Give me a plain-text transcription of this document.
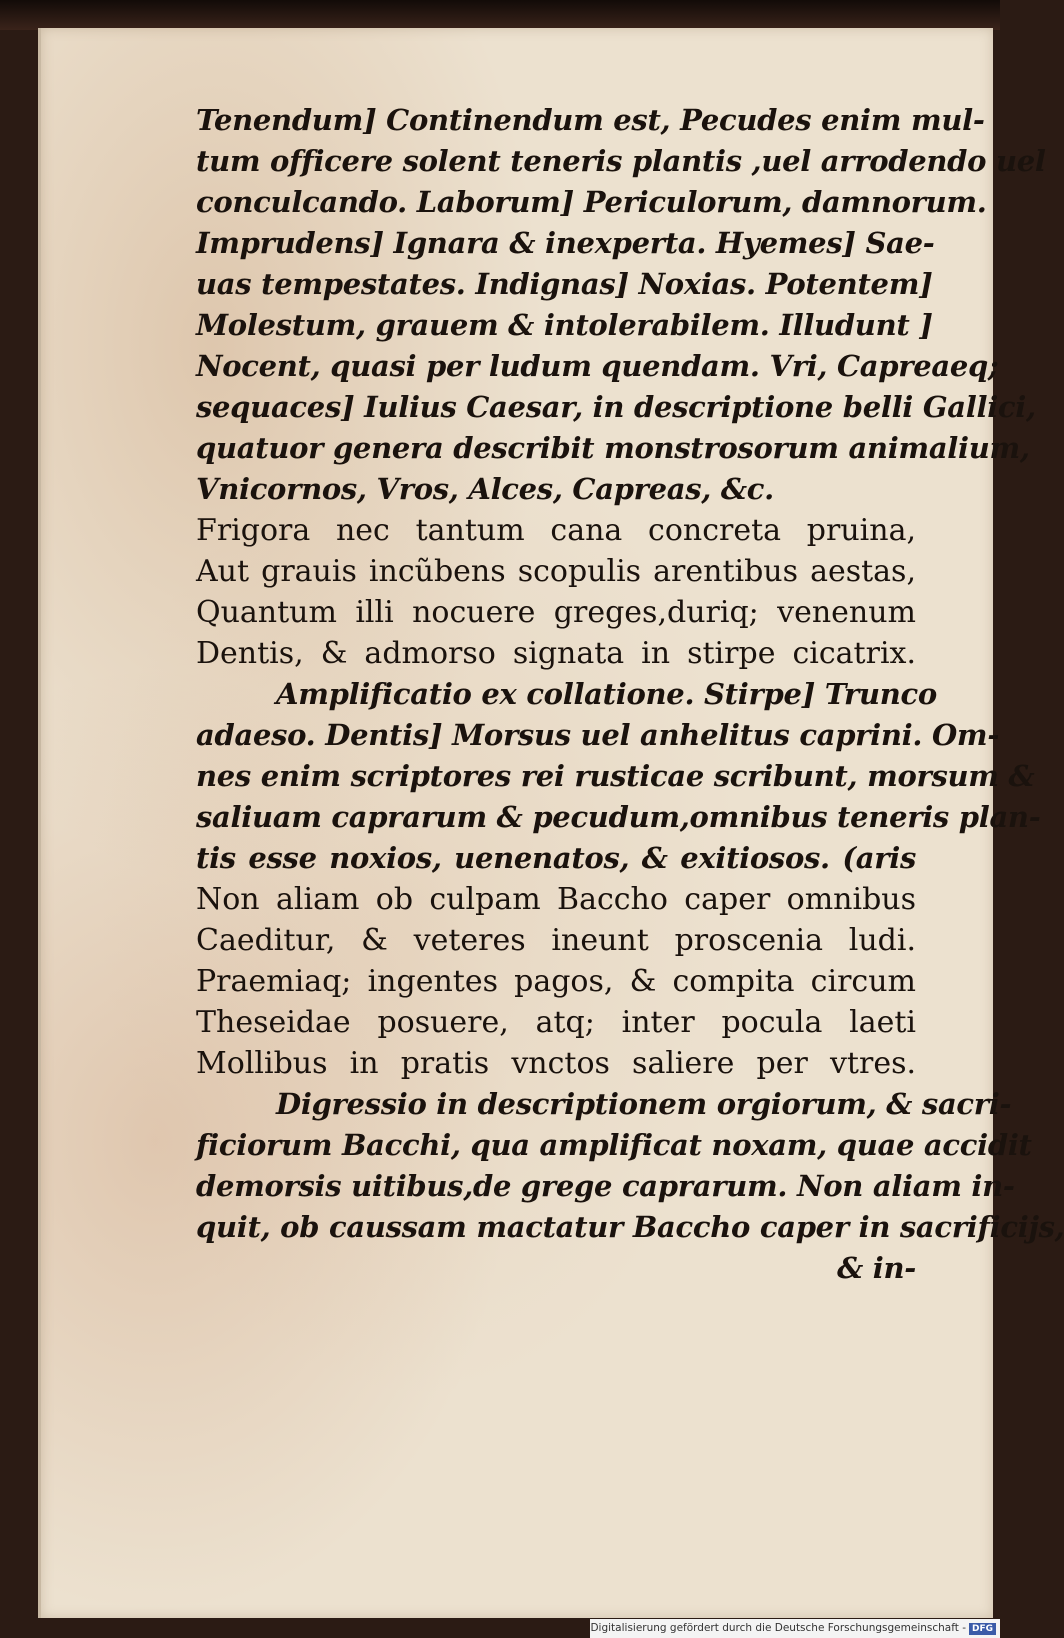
Tenendum] Continendum est, Pecudes enim mul-
tum officere solent teneris plantis ,uel arrodendo uel
conculcando. Laborum] Periculorum, damnorum.
Imprudens] Ignara & inexperta. Hyemes] Sae-
uas tempestates. Indignas] Noxias. Potentem]
Molestum, grauem & intolerabilem. Illudunt ]
Nocent, quasi per ludum quendam. Vri, Capreaeq;
sequaces] Iulius Caesar, in descriptione belli Gallici,
quatuor genera describit monstrosorum animalium,
Vnicornos, Vros, Alces, Capreas, &c.
Frigora nec tantum cana concreta pruina,
Aut grauis incũbens scopulis arentibus aestas,
Quantum illi nocuere greges,duriq; venenum
Dentis, & admorso signata in stirpe cicatrix.
Amplificatio ex collatione. Stirpe] Trunco
adaeso. Dentis] Morsus uel anhelitus caprini. Om-
nes enim scriptores rei rusticae scribunt, morsum &
saliuam caprarum & pecudum,omnibus teneris plan-
tis esse noxios, uenenatos, & exitiosos. (aris
Non aliam ob culpam Baccho caper omnibus
Caeditur, & veteres ineunt proscenia ludi.
Praemiaq; ingentes pagos, & compita circum
Theseidae posuere, atq; inter pocula laeti
Mollibus in pratis vnctos saliere per vtres.
Digressio in descriptionem orgiorum, & sacri-
ficiorum Bacchi, qua amplificat noxam, quae accidit
demorsis uitibus,de grege caprarum. Non aliam in-
quit, ob caussam mactatur Baccho caper in sacrificijs,
& in-
Digitalisierung gefördert durch die Deutsche Forschungsgemeinschaft - DFG
